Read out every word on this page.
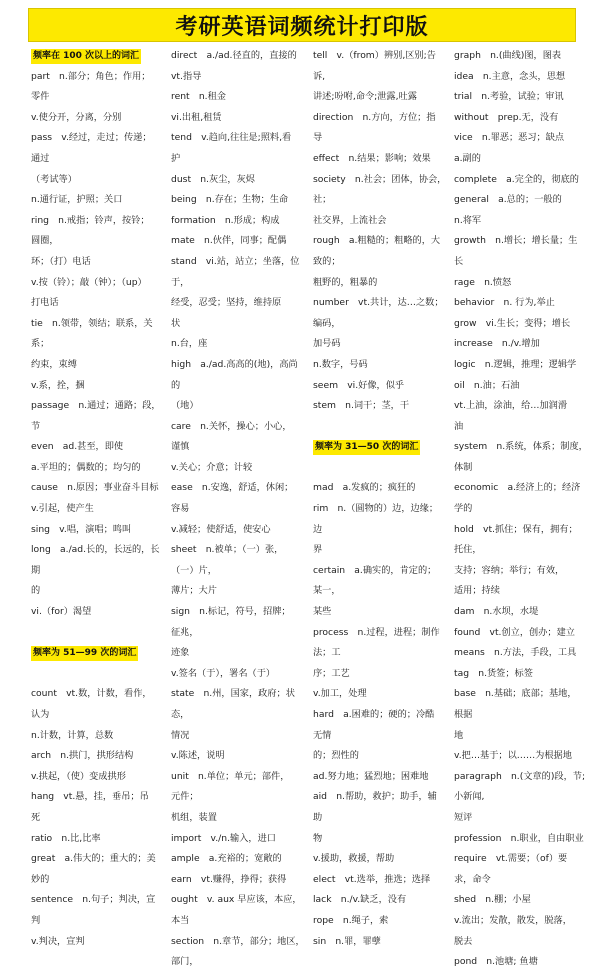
考研英语词频统计打印版
频率在 100 次以上的词汇
part　n.部分；角色；作用；
零件
v.使分开，分离，分别
pass　v.经过，走过；传递；
通过
（考试等）
n.通行证，护照；关口
ring　n.戒指；铃声，按铃；
圆圈，
环；（打）电话
v.按（铃）；敲（钟）；（up）
打电话
tie　n.领带，领结；联系，关
系；
约束，束缚
v.系，拴，捆
passage　n.通过；通路；段，
节
even　ad.甚至，即使
a.平坦的；偶数的；均匀的
cause　n.原因；事业奋斗目标
v.引起，使产生
sing　v.唱，演唱；鸣叫
long　a./ad.长的，长远的，长
期
的
vi.（for）渴望
频率为 51—99 次的词汇
count　vt.数，计数，看作，
认为
n.计数，计算，总数
arch　n.拱门，拱形结构
v.拱起，（使）变成拱形
hang　vt.悬，挂，垂吊；吊
死
ratio　n.比,比率
great　a.伟大的；重大的；美
妙的
sentence　n.句子；判决，宣
判
v.判决，宣判
direct　a./ad.径直的，直接的
vt.指导
rent　n.租金
vi.出租,租赁
tend　v.趋向,往往是;照料,看
护
dust　n.灰尘，灰烬
being　n.存在；生物；生命
formation　n.形成；构成
mate　n.伙伴，同事；配偶
stand　vi.站，站立；坐落，位
于，
经受，忍受；坚持，维持原
状
n.台，座
high　a./ad.高高的(地)，高尚
的
（地）
care　n.关怀，操心；小心，
谨慎
v.关心；介意；计较
ease　n.安逸，舒适，休闲；
容易
v.减轻；使舒适，使安心
sheet　n.被单；（一）张，
（一）片，
薄片；大片
sign　n.标记，符号，招牌；
征兆，
迹象
v.签名（于），署名（于）
state　n.州，国家，政府；状
态，
情况
v.陈述，说明
unit　n.单位；单元；部件，
元件；
机组，装置
import　v./n.输入，进口
ample　a.充裕的；宽敞的
earn　vt.赚得，挣得；获得
ought　v. aux 早应该，本应，
本当
section　n.章节，部分；地区，
部门，
tell　v.（from）辨别,区别;告
诉,
讲述;吩咐,命令;泄露,吐露
direction　n.方向，方位；指
导
effect　n.结果；影响；效果
society　n.社会；团体，协会，
社；
社交界，上流社会
rough　a.粗糙的；粗略的，大
致的；
粗野的，粗暴的
number　vt.共计，达…之数；
编码，
加号码
n.数字，号码
seem　vi.好像，似乎
stem　n.词干；茎，干
频率为 31—50 次的词汇
mad　a.发疯的；疯狂的
rim　n.（圆物的）边，边缘；
边
界
certain　a.确实的，肯定的；
某一，
某些
process　n.过程，进程；制作
法；工
序；工艺
v.加工，处理
hard　a.困难的；硬的；冷酷
无情
的；烈性的
ad.努力地；猛烈地；困难地
aid　n.帮助，救护；助手，辅
助
物
v.援助，救援，帮助
elect　vt.选举，推选；选择
lack　n./v.缺乏，没有
rope　n.绳子，索
sin　n.罪，罪孽
graph　n.(曲线)图，图表
idea　n.主意，念头，思想
trial　n.考验，试验；审讯
without　prep.无，没有
vice　n.罪恶；恶习；缺点
a.副的
complete　a.完全的，彻底的
general　a.总的；一般的
n.将军
growth　n.增长；增长量；生
长
rage　n.愤怒
behavior　n. 行为,举止
grow　vi.生长；变得；增长
increase　n./v.增加
logic　n.逻辑，推理；逻辑学
oil　n.油；石油
vt.上油，涂油，给…加润滑
油
system　n.系统，体系；制度，
体制
economic　a.经济上的；经济
学的
hold　vt.抓住；保有，拥有；
托住，
支持；容纳；举行；有效，
适用；持续
dam　n.水坝，水堤
found　vt.创立，创办；建立
means　n.方法，手段，工具
tag　n.货签；标签
base　n.基础；底部；基地，
根据
地
v.把…基于；以……为根据地
paragraph　n.(文章的)段，节;
小新闻,
短评
profession　n.职业，自由职业
require　vt.需要；（of）要
求，命令
shed　n.棚；小屋
v.流出；发散，散发，脱落，
脱去
pond　n.池塘; 鱼塘
